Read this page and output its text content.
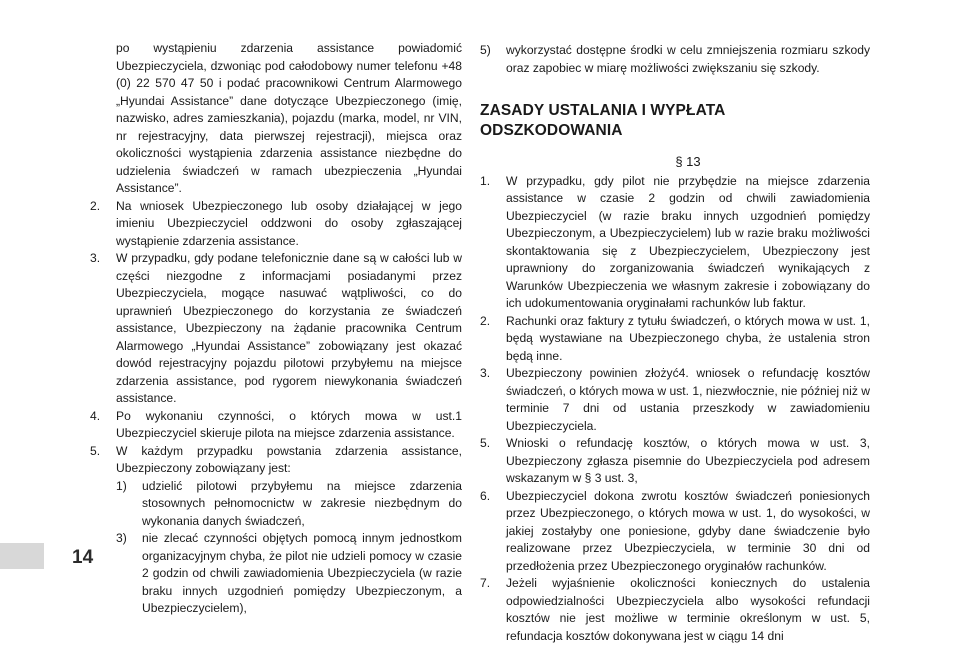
14

po wystąpieniu zdarzenia assistance powiadomić Ubezpieczyciela, dzwoniąc pod całodobowy numer telefonu +48 (0) 22 570 47 50 i podać pracownikowi Centrum Alarmowego „Hyundai Assistance” dane dotyczące Ubezpieczonego (imię, nazwisko, adres zamieszkania), pojazdu (marka, model, nr VIN, nr rejestracyjny, data pierwszej rejestracji), miejsca oraz okoliczności wystąpienia zdarzenia assistance niezbędne do udzielenia świadczeń w ramach ubezpieczenia „Hyundai Assistance”.

2. Na wniosek Ubezpieczonego lub osoby działającej w jego imieniu Ubezpieczyciel oddzwoni do osoby zgłaszającej wystąpienie zdarzenia assistance.
3. W przypadku, gdy podane telefonicznie dane są w całości lub w części niezgodne z informacjami posiadanymi przez Ubezpieczyciela, mogące nasuwać wątpliwości, co do uprawnień Ubezpieczonego do korzystania ze świadczeń assistance, Ubezpieczony na żądanie pracownika Centrum Alarmowego „Hyundai Assistance” zobowiązany jest okazać dowód rejestracyjny pojazdu pilotowi przybyłemu na miejsce zdarzenia assistance, pod rygorem niewykonania świadczeń assistance.
4. Po wykonaniu czynności, o których mowa w ust.1 Ubezpieczyciel skieruje pilota na miejsce zdarzenia assistance.
5. W każdym przypadku powstania zdarzenia assistance, Ubezpieczony zobowiązany jest:
1) udzielić pilotowi przybyłemu na miejsce zdarzenia stosownych pełnomocnictw w zakresie niezbędnym do wykonania danych świadczeń,
3) nie zlecać czynności objętych pomocą innym jednostkom organizacyjnym chyba, że pilot nie udzieli pomocy w czasie 2 godzin od chwili zawiadomienia Ubezpieczyciela (w razie braku innych uzgodnień pomiędzy Ubezpieczonym, a Ubezpieczycielem),
5) wykorzystać dostępne środki w celu zmniejszenia rozmiaru szkody oraz zapobiec w miarę możliwości zwiększaniu się szkody.
ZASADY USTALANIA I WYPŁATA ODSZKODOWANIA
§ 13
1. W przypadku, gdy pilot nie przybędzie na miejsce zdarzenia assistance w czasie 2 godzin od chwili zawiadomienia Ubezpieczyciel (w razie braku innych uzgodnień pomiędzy Ubezpieczonym, a Ubezpieczycielem) lub w razie braku możliwości skontaktowania się z Ubezpieczycielem, Ubezpieczony jest uprawniony do zorganizowania świadczeń wynikających z Warunków Ubezpieczenia we własnym zakresie i zobowiązany do ich udokumentowania oryginałami rachunków lub faktur.
2. Rachunki oraz faktury z tytułu świadczeń, o których mowa w ust. 1, będą wystawiane na Ubezpieczonego chyba, że ustalenia stron będą inne.
3. Ubezpieczony powinien złożyć4. wniosek o refundację kosztów świadczeń, o których mowa w ust. 1, niezwłocznie, nie później niż w terminie 7 dni od ustania przeszkody w zawiadomieniu Ubezpieczyciela.
5. Wnioski o refundację kosztów, o których mowa w ust. 3, Ubezpieczony zgłasza pisemnie do Ubezpieczyciela pod adresem wskazanym w § 3 ust. 3,
6. Ubezpieczyciel dokona zwrotu kosztów świadczeń poniesionych przez Ubezpieczonego, o których mowa w ust. 1, do wysokości, w jakiej zostałyby one poniesione, gdyby dane świadczenie było realizowane przez Ubezpieczyciela, w terminie 30 dni od przedłożenia przez Ubezpieczonego oryginałów rachunków.
7. Jeżeli wyjaśnienie okoliczności koniecznych do ustalenia odpowiedzialności Ubezpieczyciela albo wysokości refundacji kosztów nie jest możliwe w terminie określonym w ust. 5, refundacja kosztów dokonywana jest w ciągu 14 dni
